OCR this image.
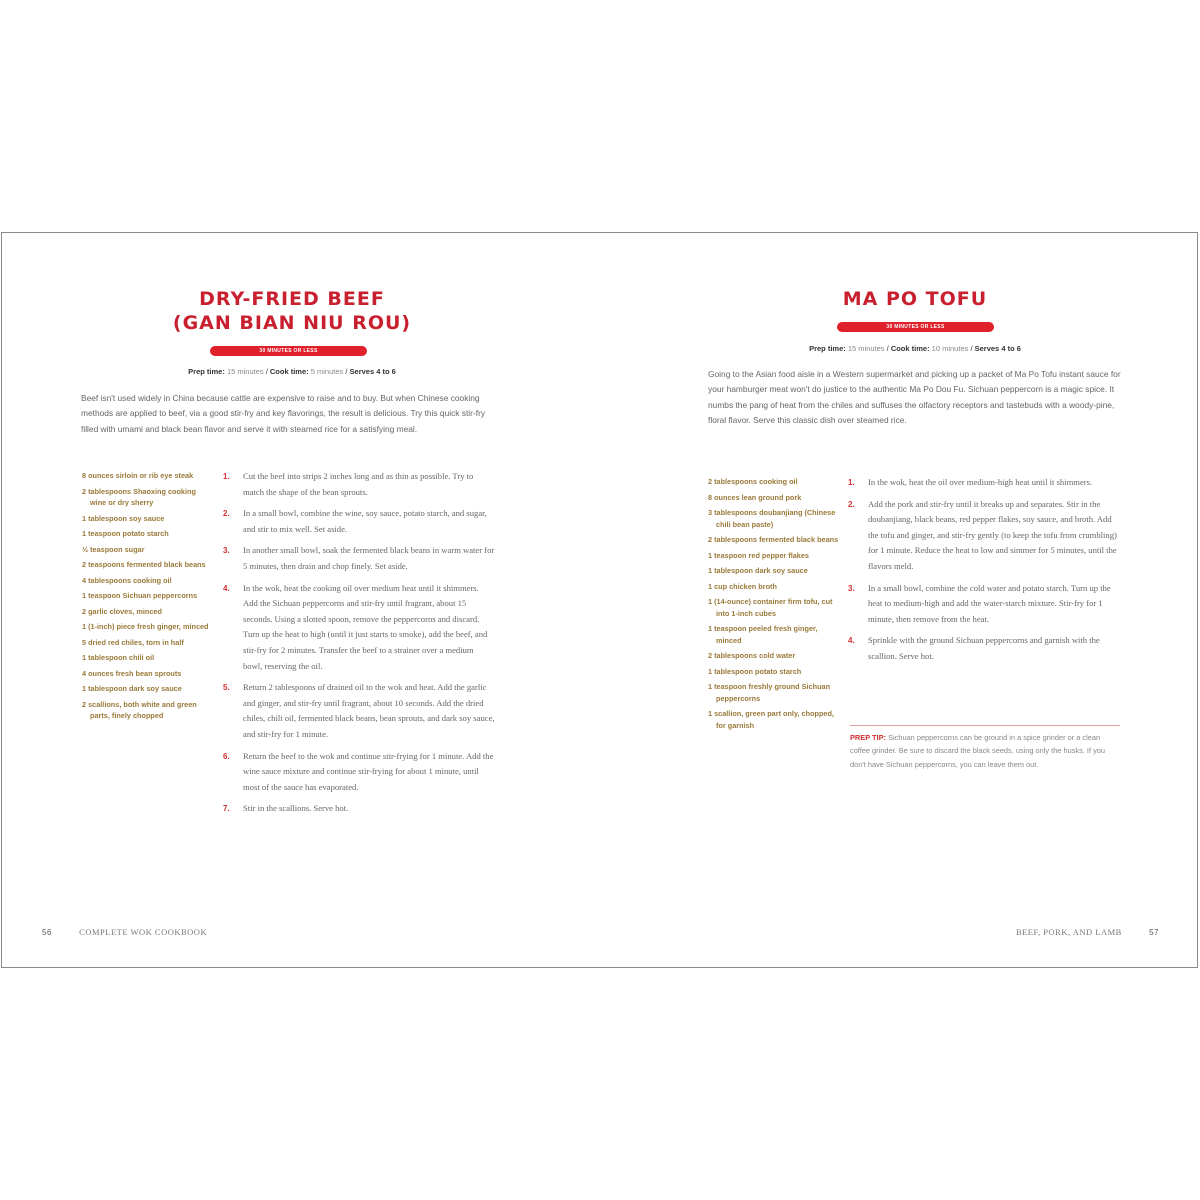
DRY-FRIED BEEF
(GAN BIAN NIU ROU)
30 MINUTES OR LESS
Prep time: 15 minutes / Cook time: 5 minutes / Serves 4 to 6

Beef isn't used widely in China because cattle are expensive to raise and to buy. But when Chinese cooking methods are applied to beef, via a good stir-fry and key flavorings, the result is delicious. Try this quick stir-fry filled with umami and black bean flavor and serve it with steamed rice for a satisfying meal.

8 ounces sirloin or rib eye steak
2 tablespoons Shaoxing cooking wine or dry sherry
1 tablespoon soy sauce
1 teaspoon potato starch
½ teaspoon sugar
2 teaspoons fermented black beans
4 tablespoons cooking oil
1 teaspoon Sichuan peppercorns
2 garlic cloves, minced
1 (1-inch) piece fresh ginger, minced
5 dried red chiles, torn in half
1 tablespoon chili oil
4 ounces fresh bean sprouts
1 tablespoon dark soy sauce
2 scallions, both white and green parts, finely chopped
1. Cut the beef into strips 2 inches long and as thin as possible. Try to match the shape of the bean sprouts.
2. In a small bowl, combine the wine, soy sauce, potato starch, and sugar, and stir to mix well. Set aside.
3. In another small bowl, soak the fermented black beans in warm water for 5 minutes, then drain and chop finely. Set aside.
4. In the wok, heat the cooking oil over medium heat until it shimmers. Add the Sichuan peppercorns and stir-fry until fragrant, about 15 seconds. Using a slotted spoon, remove the peppercorns and discard. Turn up the heat to high (until it just starts to smoke), add the beef, and stir-fry for 2 minutes. Transfer the beef to a strainer over a medium bowl, reserving the oil.
5. Return 2 tablespoons of drained oil to the wok and heat. Add the garlic and ginger, and stir-fry until fragrant, about 10 seconds. Add the dried chiles, chili oil, fermented black beans, bean sprouts, and dark soy sauce, and stir-fry for 1 minute.
6. Return the beef to the wok and continue stir-frying for 1 minute. Add the wine sauce mixture and continue stir-frying for about 1 minute, until most of the sauce has evaporated.
7. Stir in the scallions. Serve hot.
56	COMPLETE WOK COOKBOOK
MA PO TOFU
30 MINUTES OR LESS
Prep time: 15 minutes / Cook time: 10 minutes / Serves 4 to 6

Going to the Asian food aisle in a Western supermarket and picking up a packet of Ma Po Tofu instant sauce for your hamburger meat won't do justice to the authentic Ma Po Dou Fu. Sichuan peppercorn is a magic spice. It numbs the pang of heat from the chiles and suffuses the olfactory receptors and tastebuds with a woody-pine, floral flavor. Serve this classic dish over steamed rice.

2 tablespoons cooking oil
8 ounces lean ground pork
3 tablespoons doubanjiang (Chinese chili bean paste)
2 tablespoons fermented black beans
1 teaspoon red pepper flakes
1 tablespoon dark soy sauce
1 cup chicken broth
1 (14-ounce) container firm tofu, cut into 1-inch cubes
1 teaspoon peeled fresh ginger, minced
2 tablespoons cold water
1 tablespoon potato starch
1 teaspoon freshly ground Sichuan peppercorns
1 scallion, green part only, chopped, for garnish
1. In the wok, heat the oil over medium-high heat until it shimmers.
2. Add the pork and stir-fry until it breaks up and separates. Stir in the doubanjiang, black beans, red pepper flakes, soy sauce, and broth. Add the tofu and ginger, and stir-fry gently (to keep the tofu from crumbling) for 1 minute. Reduce the heat to low and simmer for 5 minutes, until the flavors meld.
3. In a small bowl, combine the cold water and potato starch. Turn up the heat to medium-high and add the water-starch mixture. Stir-fry for 1 minute, then remove from the heat.
4. Sprinkle with the ground Sichuan peppercorns and garnish with the scallion. Serve hot.

PREP TIP: Sichuan peppercorns can be ground in a spice grinder or a clean coffee grinder. Be sure to discard the black seeds, using only the husks. If you don't have Sichuan peppercorns, you can leave them out.

BEEF, PORK, AND LAMB	57
